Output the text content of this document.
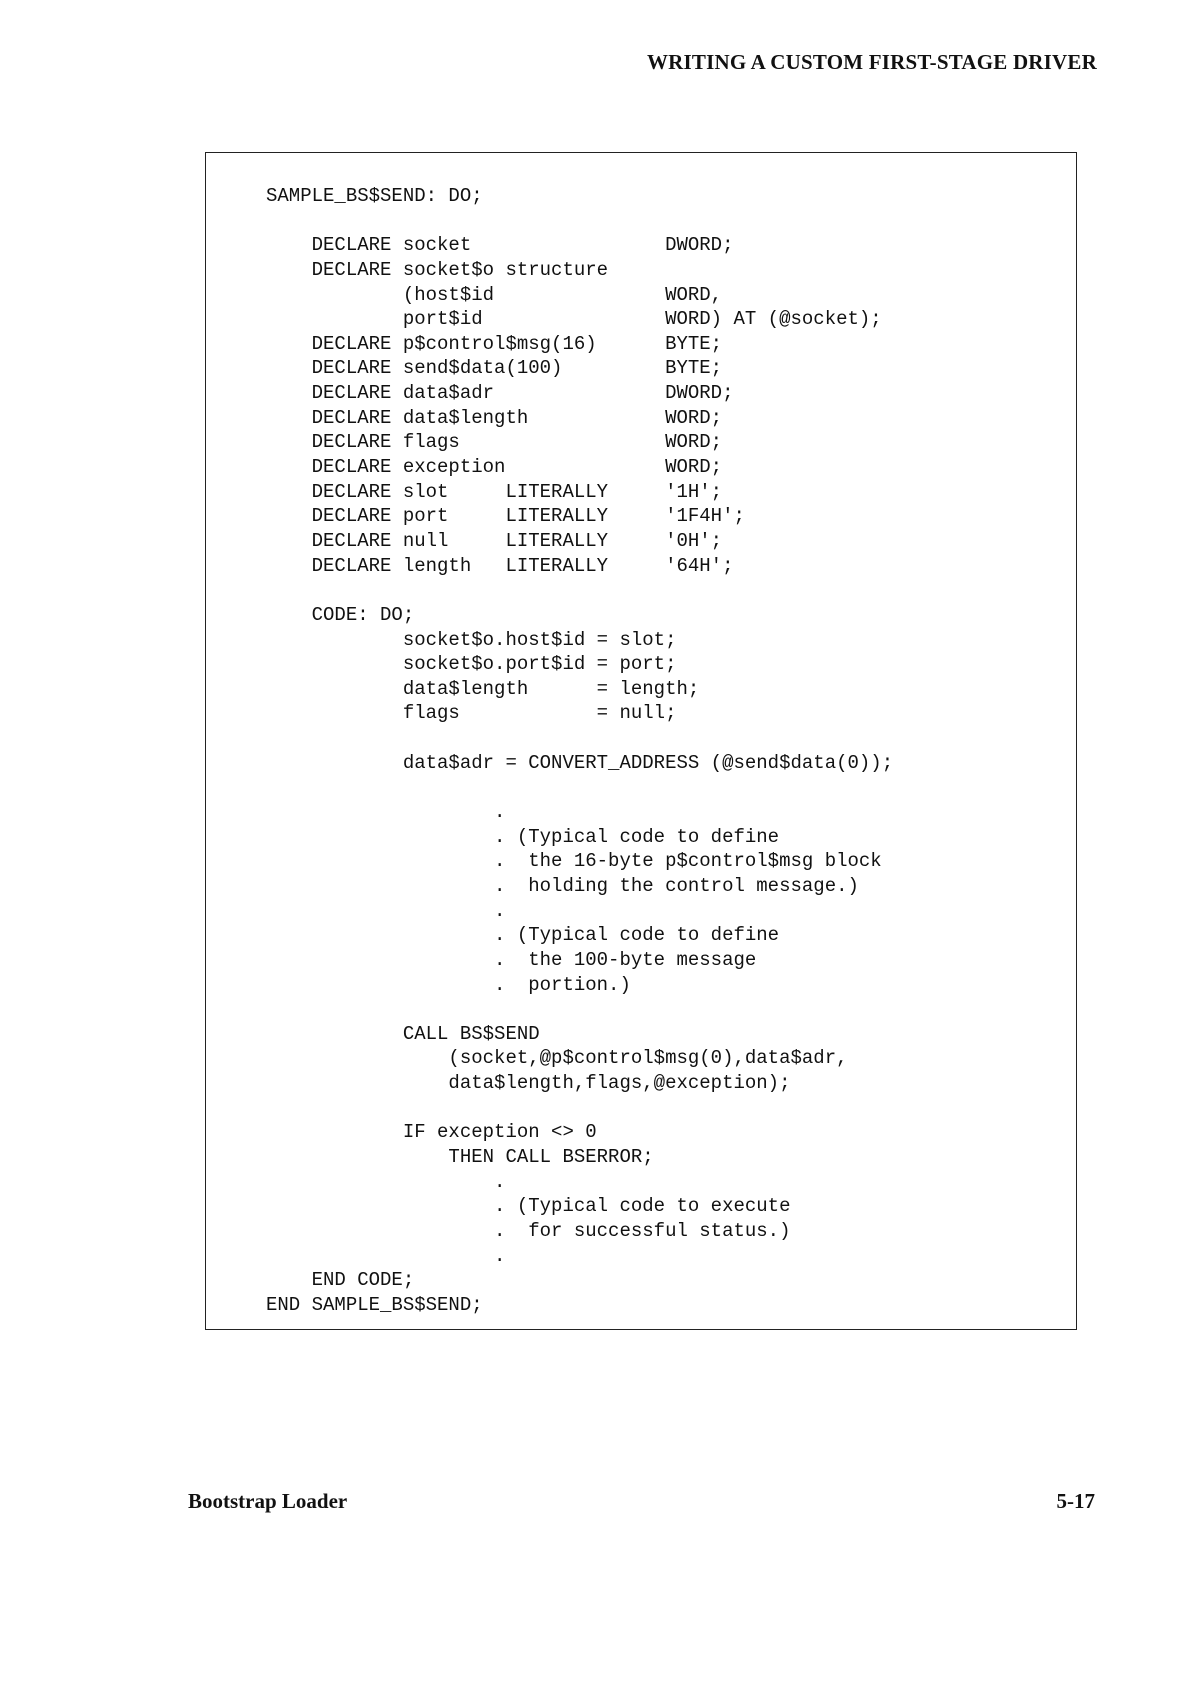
WRITING A CUSTOM FIRST-STAGE DRIVER
SAMPLE_BS$SEND: DO;
DECLARE socket                 DWORD;
DECLARE socket$o structure
(host$id               WORD,
port$id                WORD) AT (@socket);
DECLARE p$control$msg(16)      BYTE;
DECLARE send$data(100)         BYTE;
DECLARE data$adr               DWORD;
DECLARE data$length            WORD;
DECLARE flags                  WORD;
DECLARE exception              WORD;
DECLARE slot     LITERALLY     '1H';
DECLARE port     LITERALLY     '1F4H';
DECLARE null     LITERALLY     '0H';
DECLARE length   LITERALLY     '64H';
CODE: DO;
socket$o.host$id = slot;
socket$o.port$id = port;
data$length      = length;
flags            = null;
data$adr = CONVERT_ADDRESS (@send$data(0));
.
. (Typical code to define
.  the 16-byte p$control$msg block
.  holding the control message.)
.
. (Typical code to define
.  the 100-byte message
.  portion.)
CALL BS$SEND
(socket,@p$control$msg(0),data$adr,
data$length,flags,@exception);
IF exception <> 0
THEN CALL BSERROR;
.
. (Typical code to execute
.  for successful status.)
.
END CODE;
END SAMPLE_BS$SEND;
Bootstrap Loader	5-17
